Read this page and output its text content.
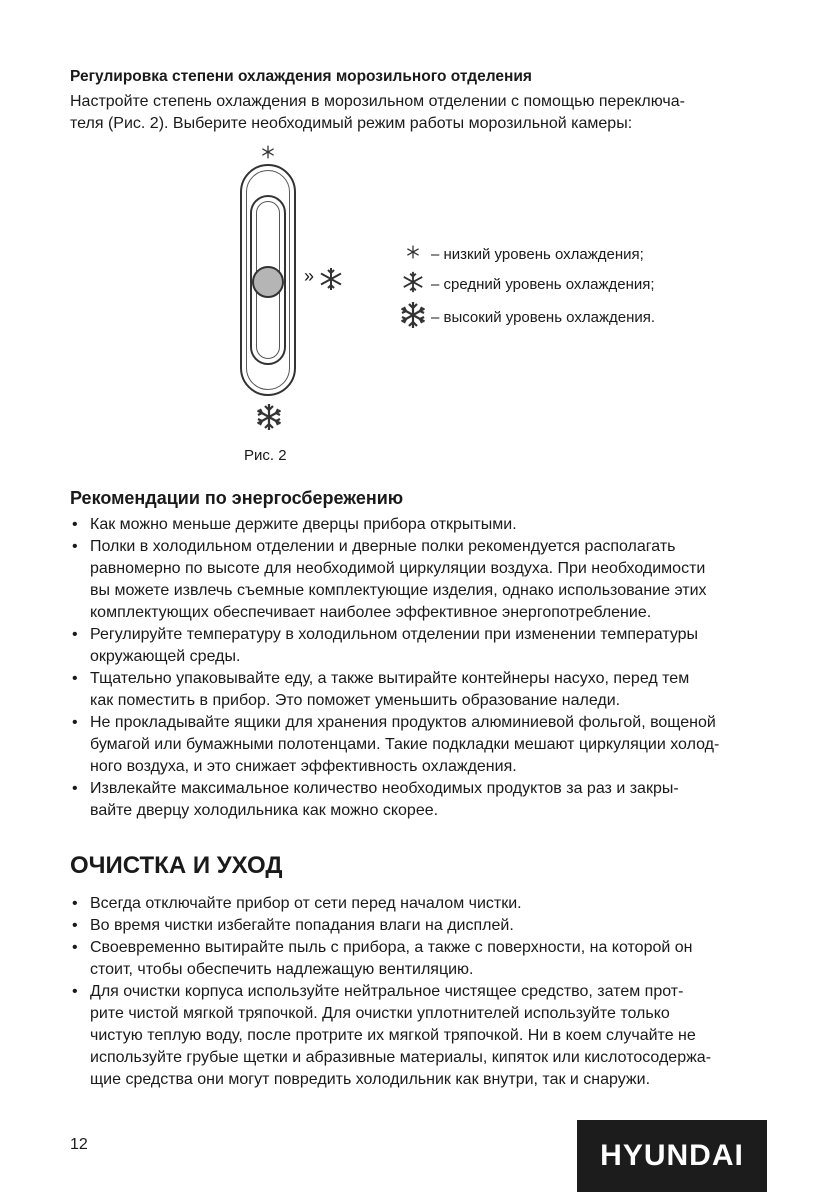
Регулировка степени охлаждения морозильного отделения
Настройте степень охлаждения в морозильном отделении с помощью переключа-
теля (Рис. 2). Выберите необходимый режим работы морозильной камеры:
»
Рис. 2
– низкий уровень охлаждения;
– средний уровень охлаждения;
– высокий уровень охлаждения.
Рекомендации по энергосбережению
• Как можно меньше держите дверцы прибора открытыми.
• Полки в холодильном отделении и дверные полки рекомендуется располагать
равномерно по высоте для необходимой циркуляции воздуха. При необходимости
вы можете извлечь съемные комплектующие изделия, однако использование этих
комплектующих обеспечивает наиболее эффективное энергопотребление.
• Регулируйте температуру в холодильном отделении при изменении температуры
окружающей среды.
• Тщательно упаковывайте еду, а также вытирайте контейнеры насухо, перед тем
как поместить в прибор. Это поможет уменьшить образование наледи.
• Не прокладывайте ящики для хранения продуктов алюминиевой фольгой, вощеной
бумагой или бумажными полотенцами. Такие подкладки мешают циркуляции холод-
ного воздуха, и это снижает эффективность охлаждения.
• Извлекайте максимальное количество необходимых продуктов за раз и закры-
вайте дверцу холодильника как можно скорее.
ОЧИСТКА И УХОД
• Всегда отключайте прибор от сети перед началом чистки.
• Во время чистки избегайте попадания влаги на дисплей.
• Своевременно вытирайте пыль с прибора, а также с поверхности, на которой он
стоит, чтобы обеспечить надлежащую вентиляцию.
• Для очистки корпуса используйте нейтральное чистящее средство, затем прот-
рите чистой мягкой тряпочкой. Для очистки уплотнителей используйте только
чистую теплую воду, после протрите их мягкой тряпочкой. Ни в коем случайте не
используйте грубые щетки и абразивные материалы, кипяток или кислотосодержа-
щие средства они могут повредить холодильник как внутри, так и снаружи.
12	HYUNDAI
